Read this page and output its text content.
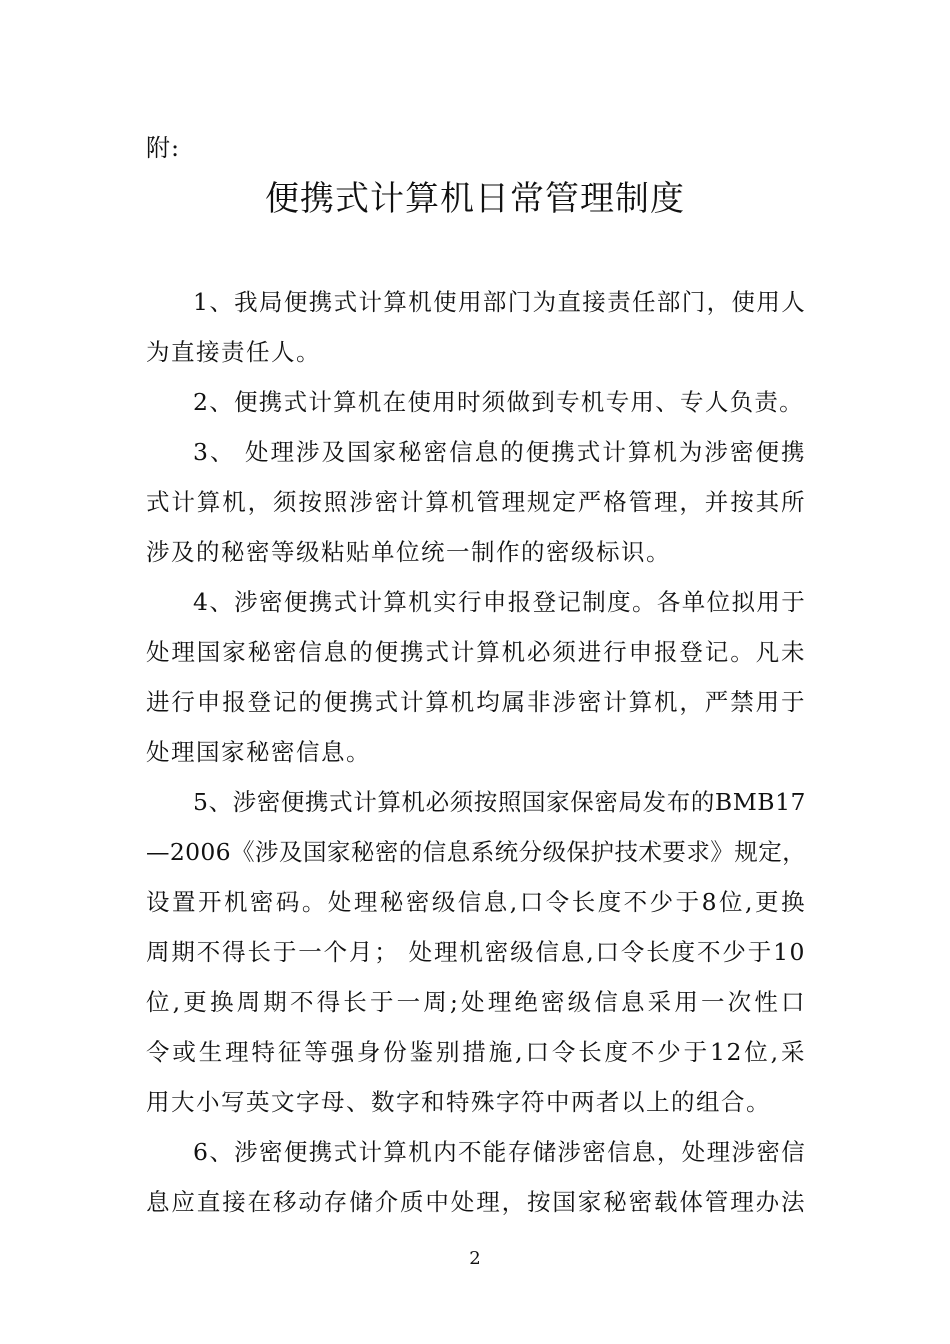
附:
便携式计算机日常管理制度

1、我局便携式计算机使用部门为直接责任部门，使用人
为直接责任人。

2、便携式计算机在使用时须做到专机专用、专人负责。

3、 处理涉及国家秘密信息的便携式计算机为涉密便携
式计算机，须按照涉密计算机管理规定严格管理，并按其所
涉及的秘密等级粘贴单位统一制作的密级标识。

4、涉密便携式计算机实行申报登记制度。各单位拟用于
处理国家秘密信息的便携式计算机必须进行申报登记。凡未
进行申报登记的便携式计算机均属非涉密计算机，严禁用于
处理国家秘密信息。

5、涉密便携式计算机必须按照国家保密局发布的BMB17
—2006《涉及国家秘密的信息系统分级保护技术要求》规定，
设置开机密码。处理秘密级信息,口令长度不少于8位,更换
周期不得长于一个月； 处理机密级信息,口令长度不少于10
位,更换周期不得长于一周;处理绝密级信息采用一次性口
令或生理特征等强身份鉴别措施,口令长度不少于12位,采
用大小写英文字母、数字和特殊字符中两者以上的组合。

6、涉密便携式计算机内不能存储涉密信息，处理涉密信
息应直接在移动存储介质中处理，按国家秘密载体管理办法

2
